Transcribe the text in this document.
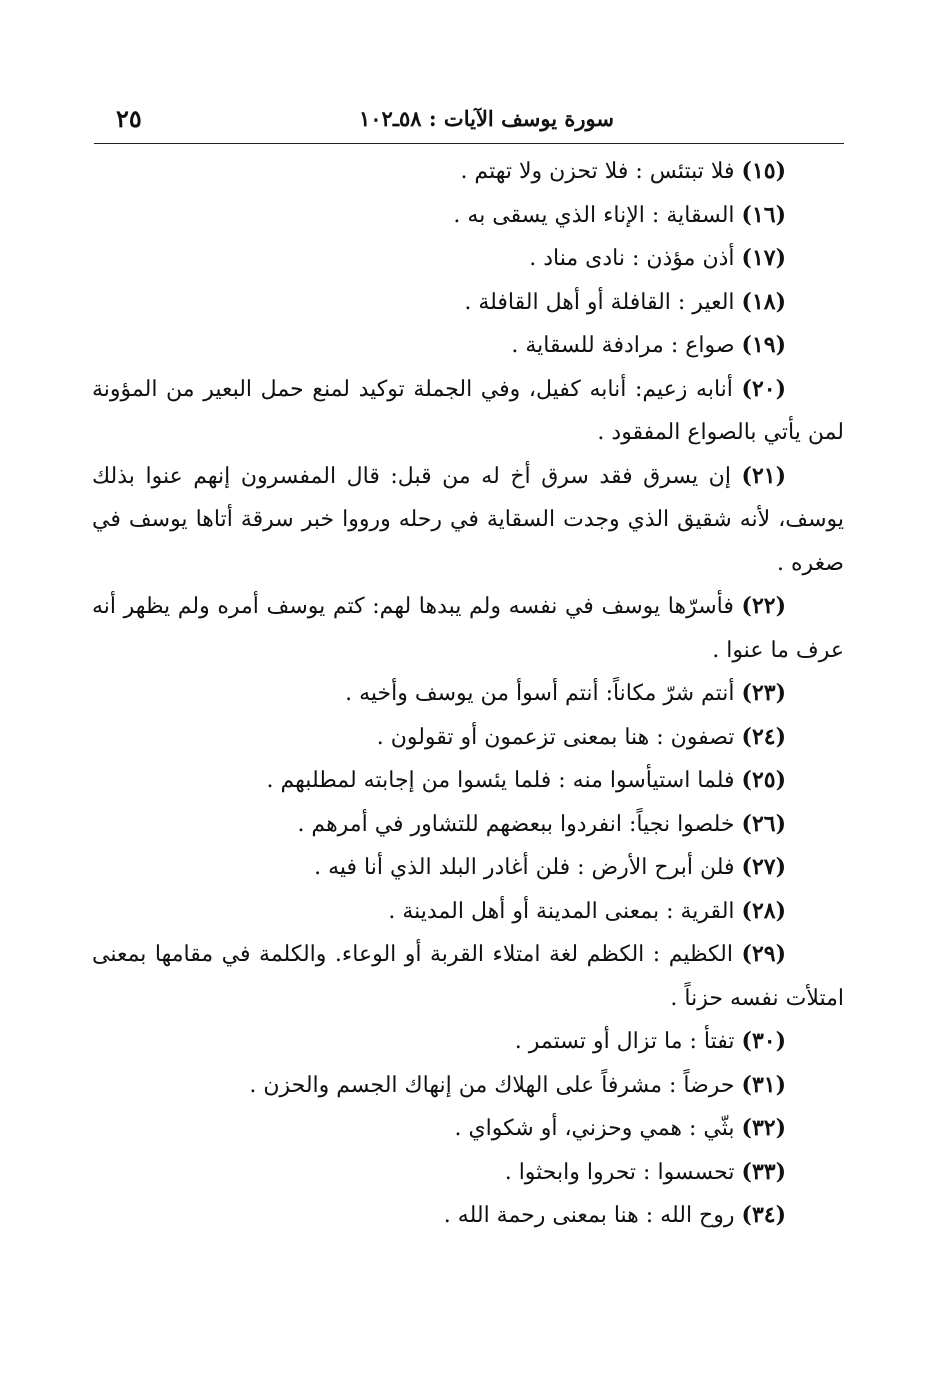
سورة يوسف الآيات : ٥٨ـ١٠٢
٢٥
(١٥) فلا تبتئس : فلا تحزن ولا تهتم .
(١٦) السقاية : الإناء الذي يسقى به .
(١٧) أذن مؤذن : نادى مناد .
(١٨) العير : القافلة أو أهل القافلة .
(١٩) صواع : مرادفة للسقاية .
(٢٠) أنابه زعيم: أنابه كفيل، وفي الجملة توكيد لمنع حمل البعير من المؤونة لمن يأتي بالصواع المفقود .
(٢١) إن يسرق فقد سرق أخ له من قبل: قال المفسرون إنهم عنوا بذلك يوسف، لأنه شقيق الذي وجدت السقاية في رحله ورووا خبر سرقة أتاها يوسف في صغره .
(٢٢) فأسرّها يوسف في نفسه ولم يبدها لهم: كتم يوسف أمره ولم يظهر أنه عرف ما عنوا .
(٢٣) أنتم شرّ مكاناً: أنتم أسوأ من يوسف وأخيه .
(٢٤) تصفون : هنا بمعنى تزعمون أو تقولون .
(٢٥) فلما استيأسوا منه : فلما يئسوا من إجابته لمطلبهم .
(٢٦) خلصوا نجياً: انفردوا ببعضهم للتشاور في أمرهم .
(٢٧) فلن أبرح الأرض : فلن أغادر البلد الذي أنا فيه .
(٢٨) القرية : بمعنى المدينة أو أهل المدينة .
(٢٩) الكظيم : الكظم لغة امتلاء القربة أو الوعاء. والكلمة في مقامها بمعنى امتلأت نفسه حزناً .
(٣٠) تفتأ : ما تزال أو تستمر .
(٣١) حرضاً : مشرفاً على الهلاك من إنهاك الجسم والحزن .
(٣٢) بثّي : همي وحزني، أو شكواي .
(٣٣) تحسسوا : تحروا وابحثوا .
(٣٤) روح الله : هنا بمعنى رحمة الله .
